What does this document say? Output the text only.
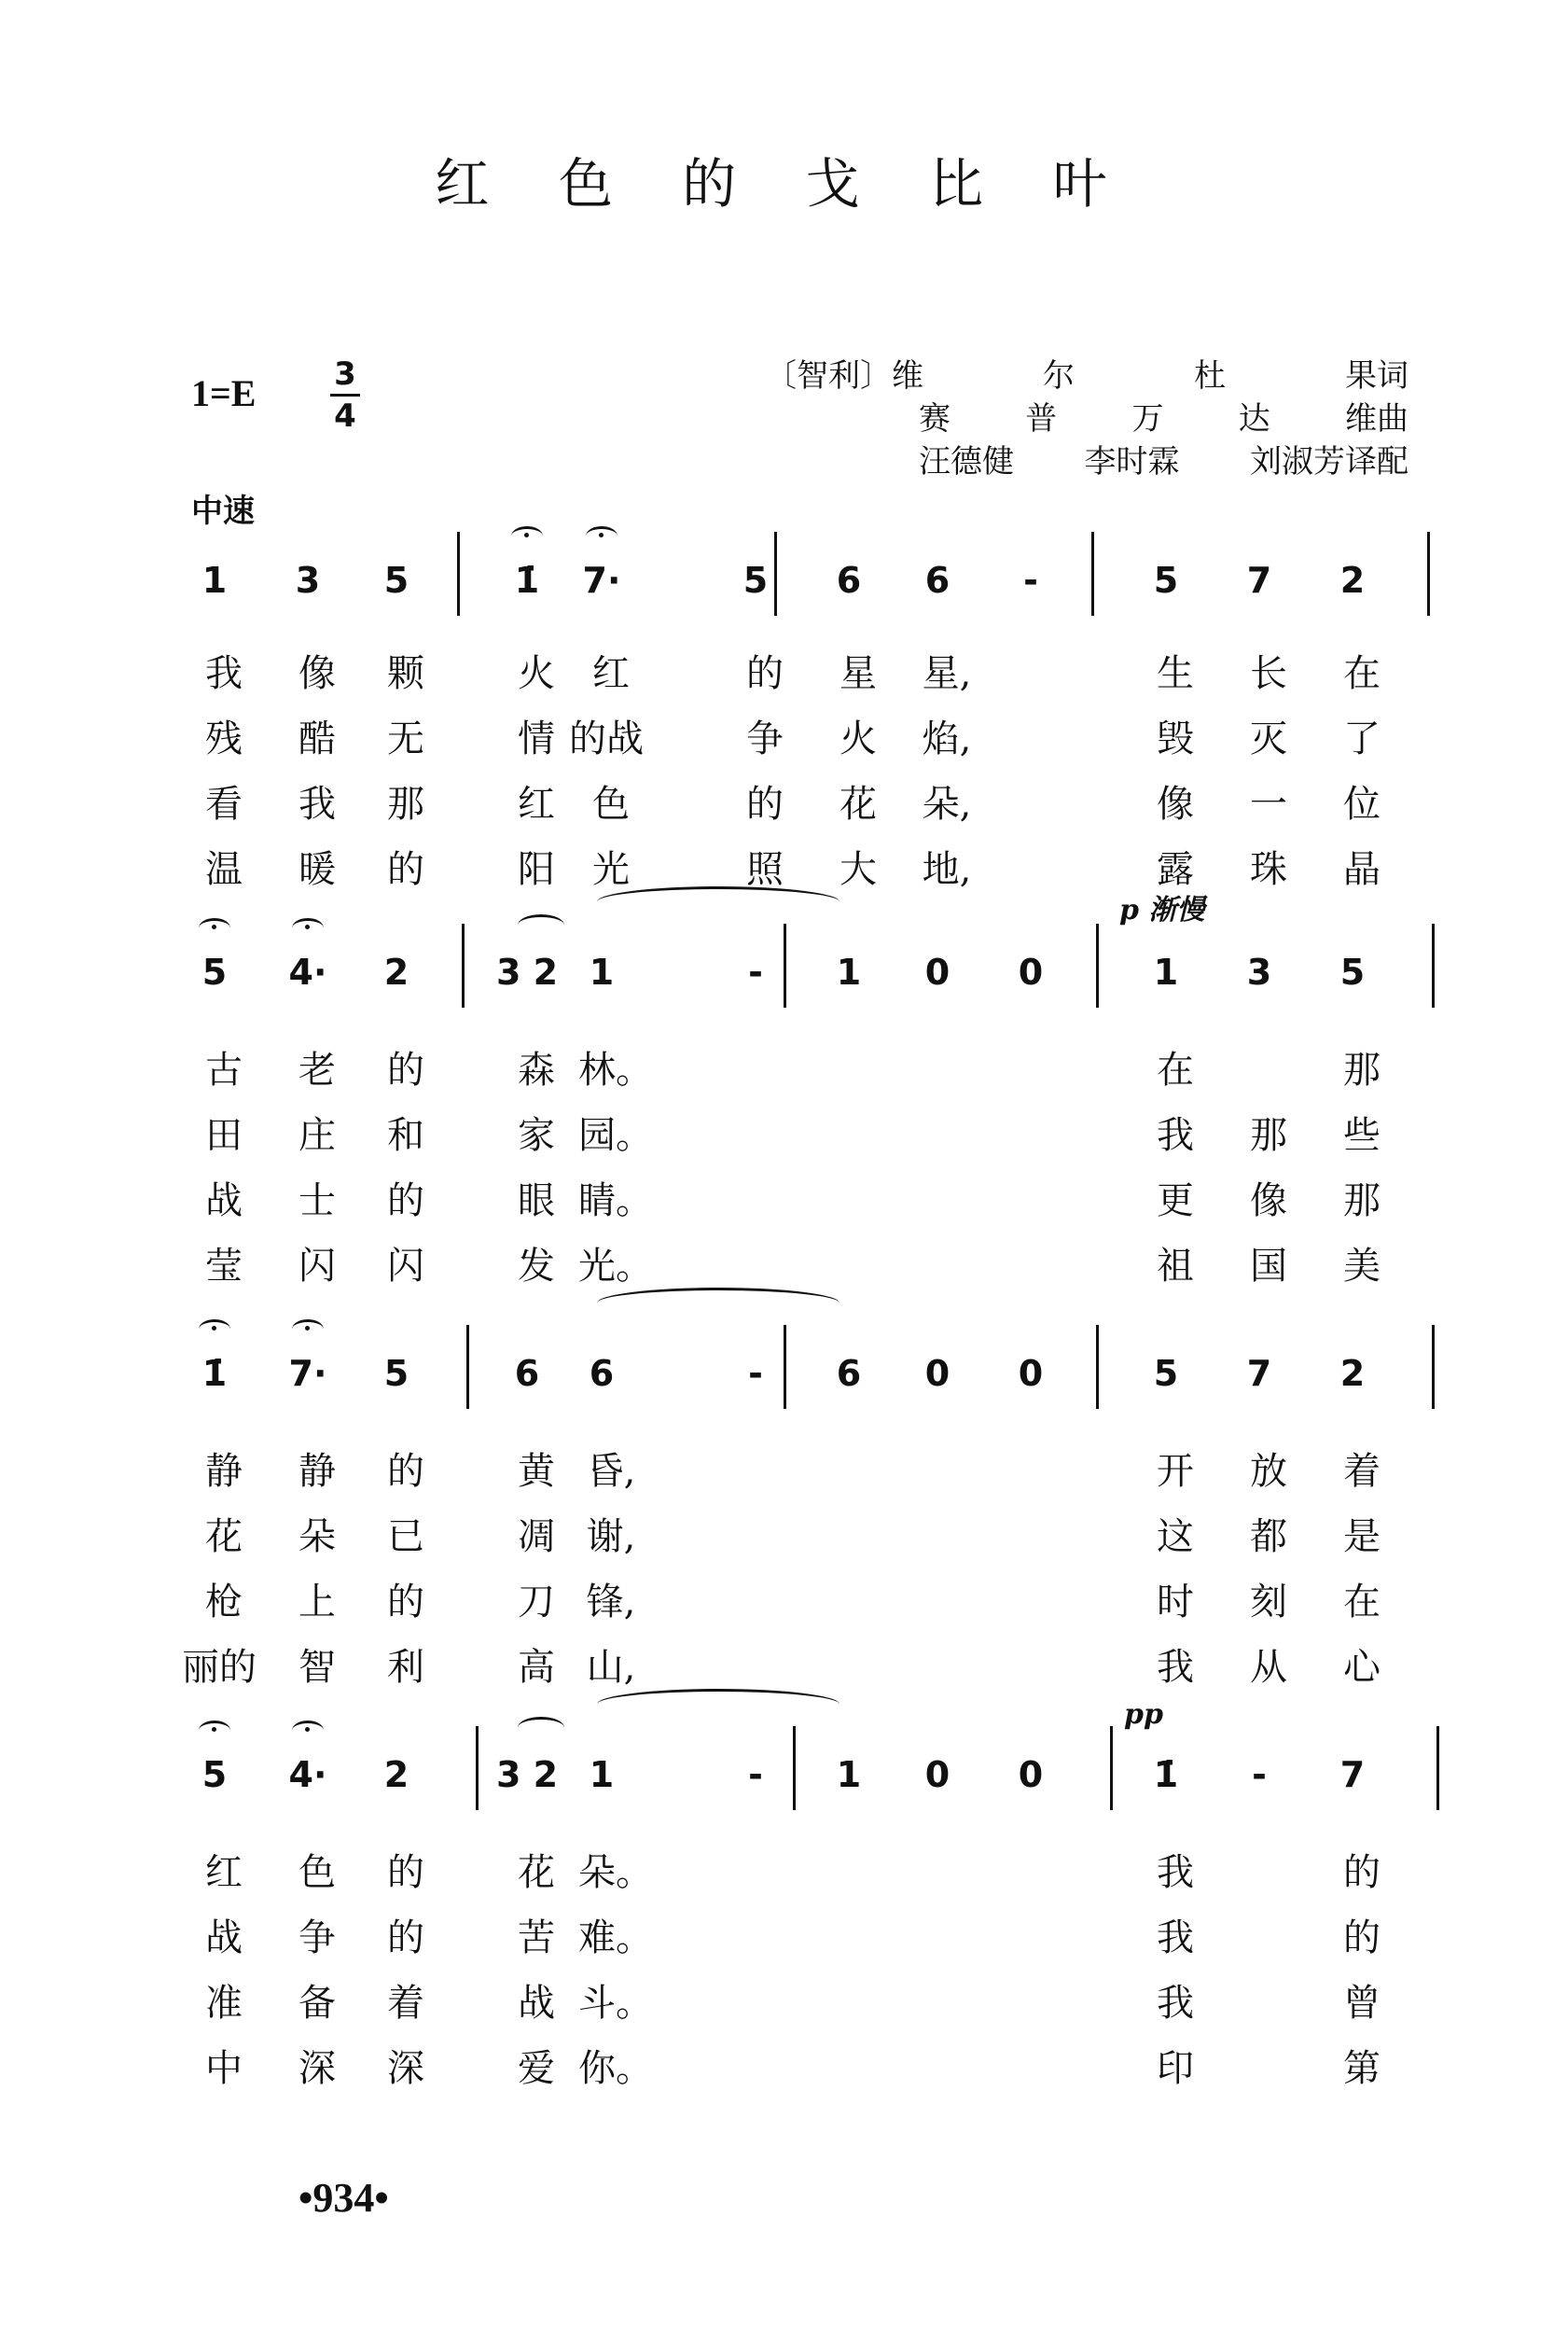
红 色 的 戈 比 叶
1=E 3
4
〔智利〕维	尔	杜	果词
赛 普 万 达 维曲
汪德健 李时霖 刘淑芳译配
中速
1	3	5	1̇	7·	5	6	6	-	5	7	2
我	像	颗	火	红	的	星	星,	生	长	在
残	酷	无	情 的战	争	火	焰,	毁	灭	了
看	我	那	红	色	的	花	朵,	像	一	位
温	暖	的	阳	光	照	大	地,	露	珠	晶
5	4·	2	3 2 1	-	1	0	0	1	3	5
p 渐慢
古	老	的	森 林。	在	那
田	庄	和	家 园。	我	那	些
战	士	的	眼 睛。	更	像	那
莹	闪	闪	发 光。	祖	国	美
1̇	7·	5	6	6	-	6	0	0	5	7	2
静	静	的	黄 昏,	开	放	着
花	朵	已	凋 谢,	这	都	是
枪	上	的	刀 锋,	时	刻	在
丽的	智	利	高 山,	我	从	心
5	4·	2	3 2 1	-	1	0	0	1̇	-	7
pp
红	色	的	花 朵。	我	的
战	争	的	苦 难。	我	的
准	备	着	战 斗。	我	曾
中	深	深	爱 你。	印	第
•934•
